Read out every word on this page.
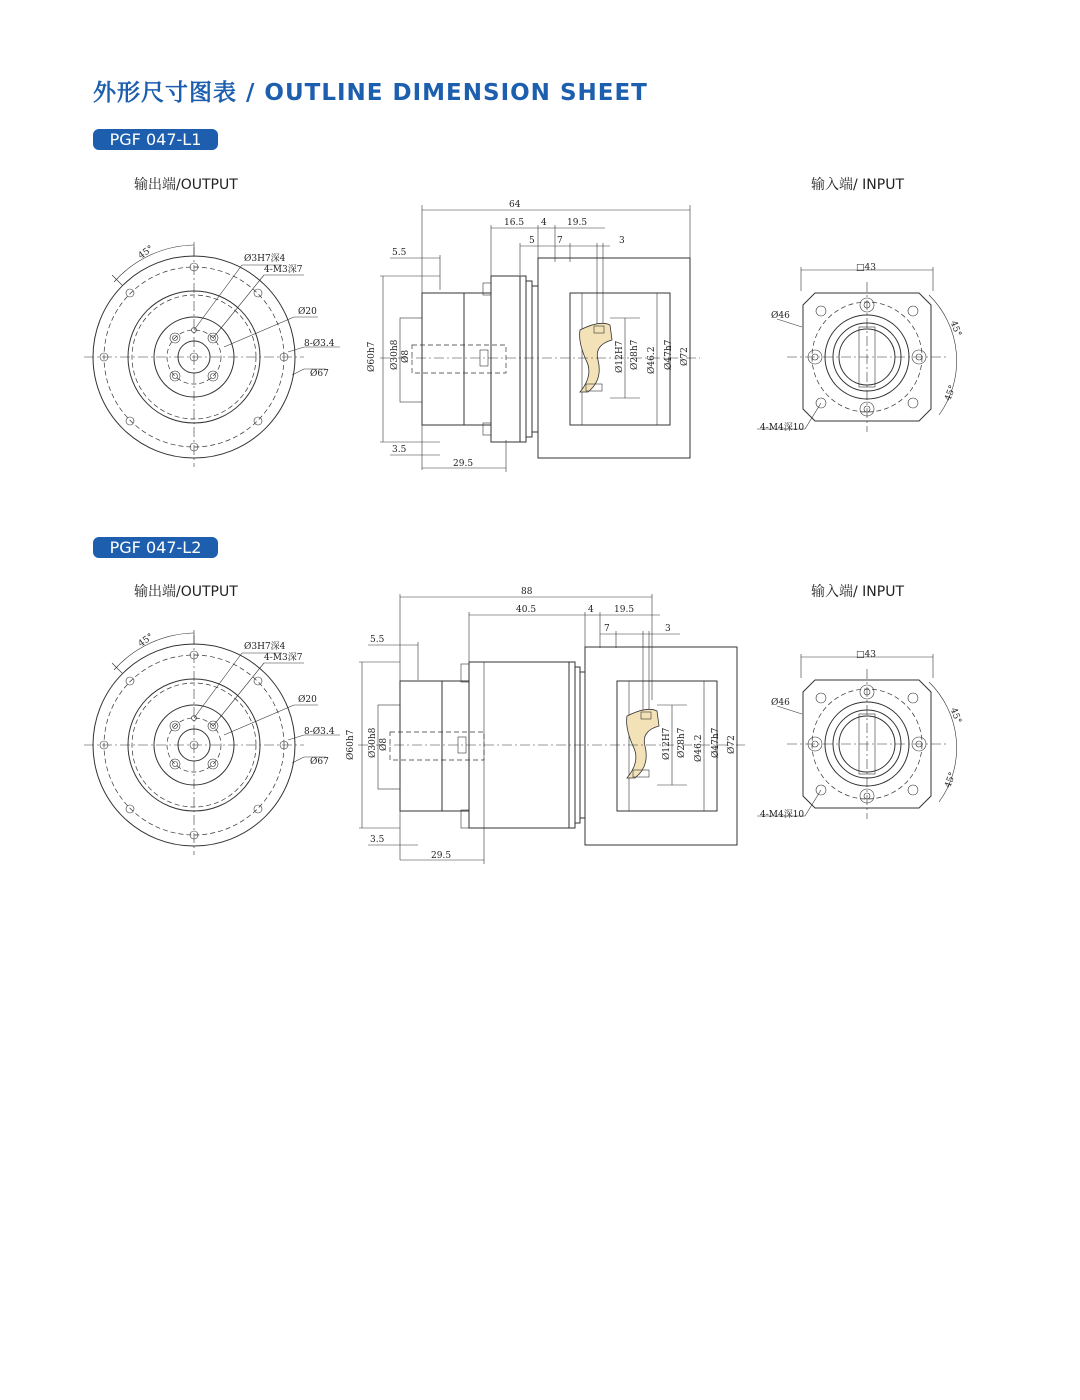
外形尺寸图表 / OUTLINE DIMENSION SHEET
PGF 047-L1
输出端/OUTPUT	输入端/ INPUT
45°	Ø3H7深4
4-M3深7
Ø20
8-Ø3.4
Ø67
64
16.5 4 19.5
5 7	3
5.5
Ø60h7 Ø30h8 Ø8
3.5
29.5
Ø12H7 Ø28h7 Ø46.2 Ø47h7 Ø72
□43
Ø46
45°
45°
4-M4深10
PGF 047-L2
输出端/OUTPUT	输入端/ INPUT
45°	Ø3H7深4
4-M3深7
Ø20
8-Ø3.4
Ø67
88
40.5	4 19.5
7	3
5.5
Ø60h7 Ø30h8 Ø8
3.5
29.5
Ø12H7 Ø28h7 Ø46.2 Ø47h7 Ø72
□43
Ø46
45°
45°
4-M4深10
